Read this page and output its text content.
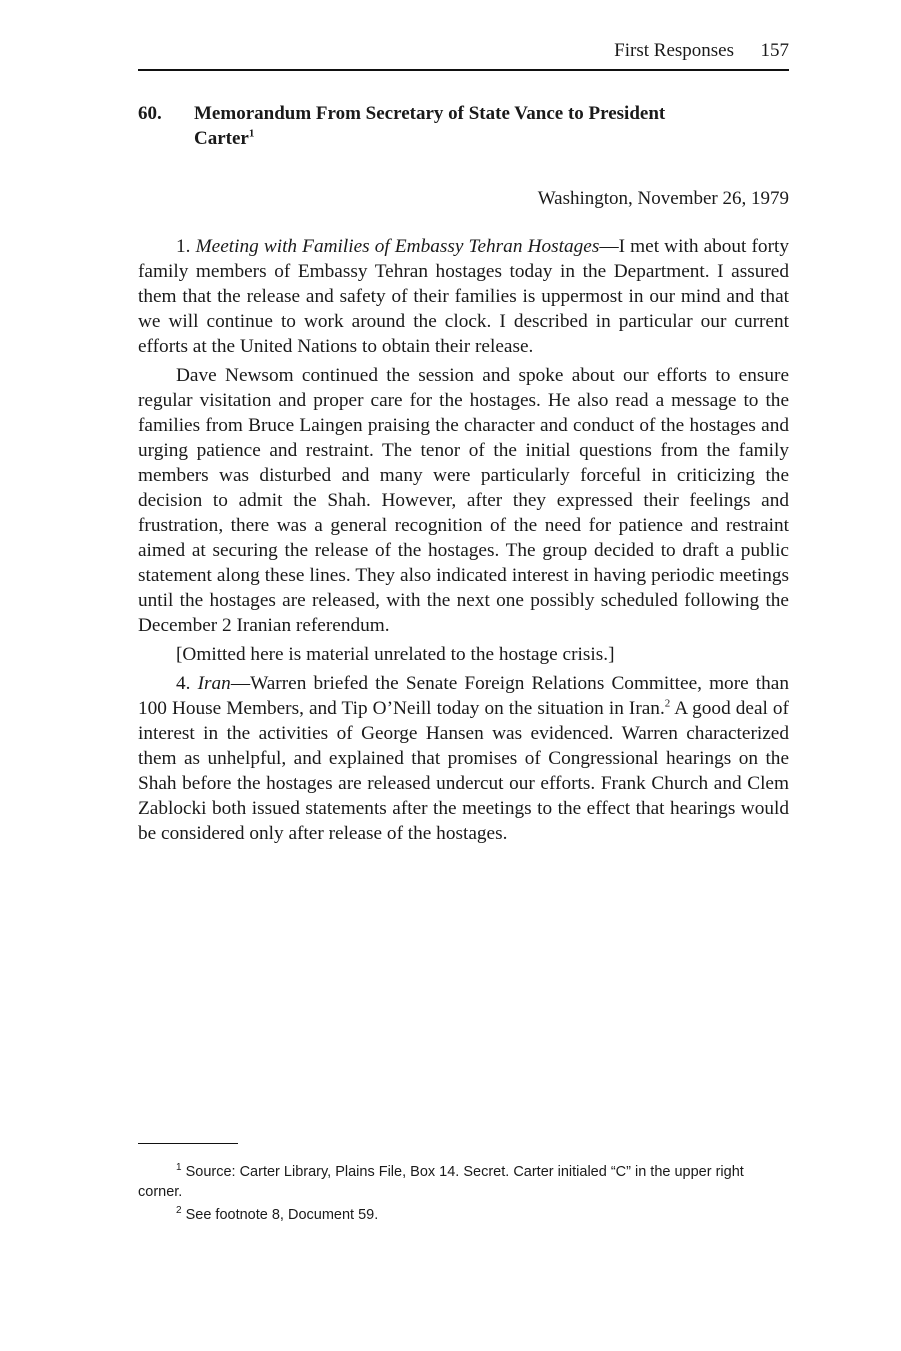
First Responses 157
60. Memorandum From Secretary of State Vance to President Carter$^1$
Washington, November 26, 1979

1. Meeting with Families of Embassy Tehran Hostages—I met with about forty family members of Embassy Tehran hostages today in the Department. I assured them that the release and safety of their families is uppermost in our mind and that we will continue to work around the clock. I described in particular our current efforts at the United Nations to obtain their release.

Dave Newsom continued the session and spoke about our efforts to ensure regular visitation and proper care for the hostages. He also read a message to the families from Bruce Laingen praising the character and conduct of the hostages and urging patience and restraint. The tenor of the initial questions from the family members was disturbed and many were particularly forceful in criticizing the decision to admit the Shah. However, after they expressed their feelings and frustration, there was a general recognition of the need for patience and restraint aimed at securing the release of the hostages. The group decided to draft a public statement along these lines. They also indicated interest in having periodic meetings until the hostages are released, with the next one possibly scheduled following the December 2 Iranian referendum.

[Omitted here is material unrelated to the hostage crisis.]

4. Iran—Warren briefed the Senate Foreign Relations Committee, more than 100 House Members, and Tip O’Neill today on the situation in Iran.$^2$ A good deal of interest in the activities of George Hansen was evidenced. Warren characterized them as unhelpful, and explained that promises of Congressional hearings on the Shah before the hostages are released undercut our efforts. Frank Church and Clem Zablocki both issued statements after the meetings to the effect that hearings would be considered only after release of the hostages.

$^1$ Source: Carter Library, Plains File, Box 14. Secret. Carter initialed “C” in the upper right corner.

$^2$ See footnote 8, Document 59.
